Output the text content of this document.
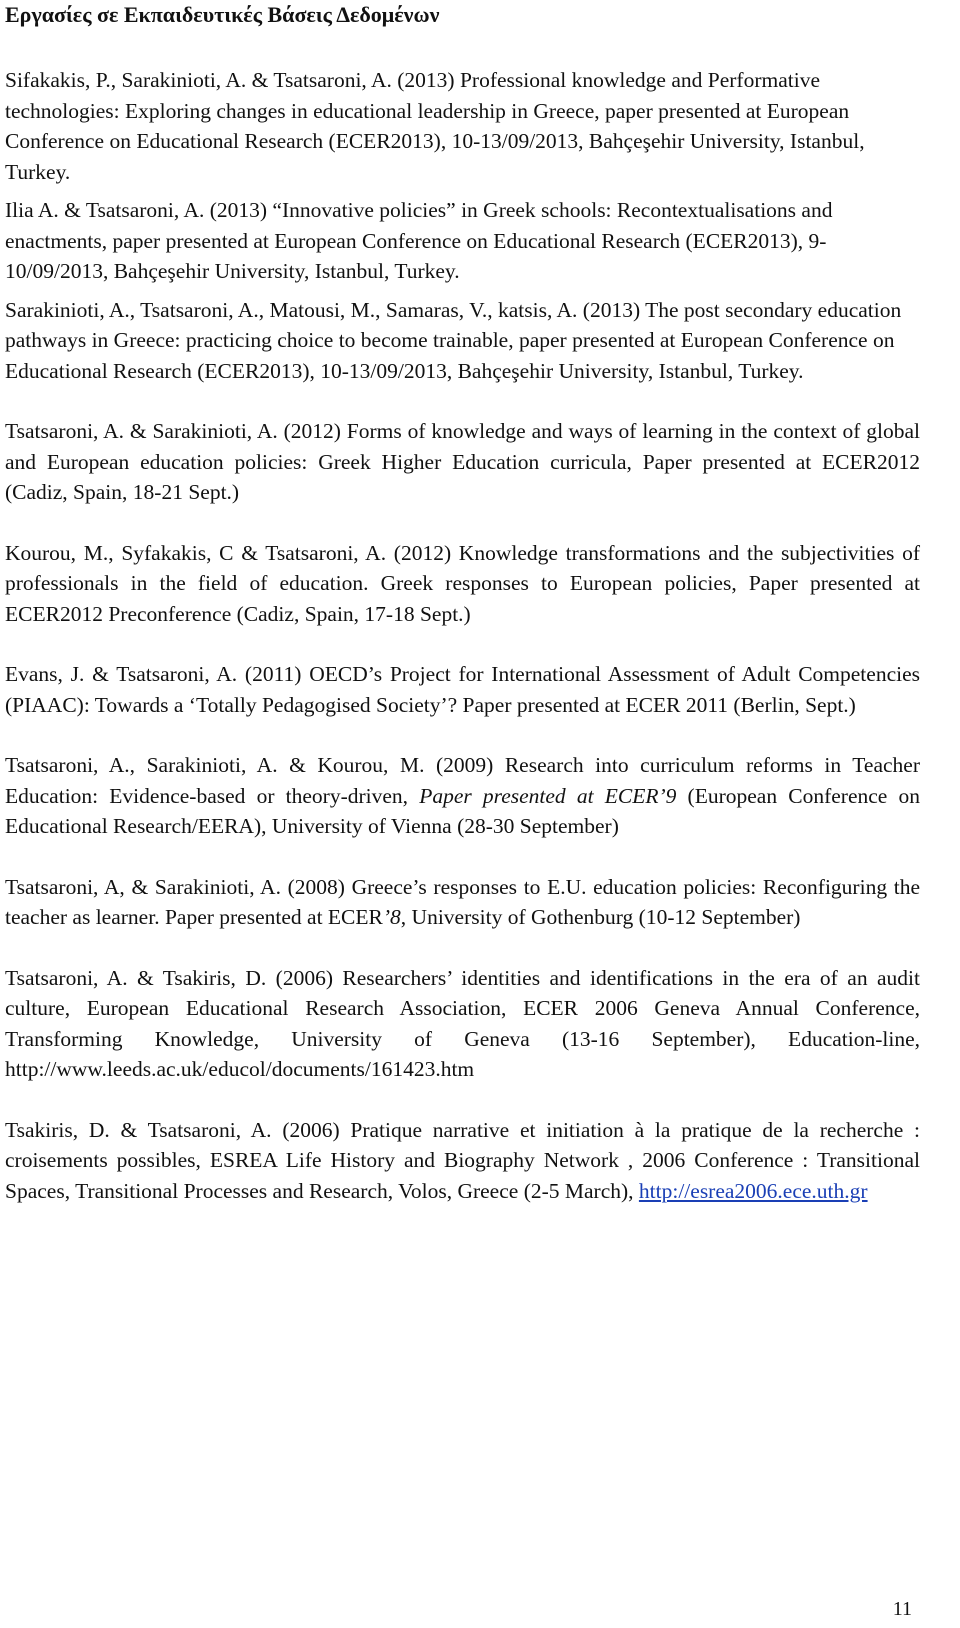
Εργασίες σε Εκπαιδευτικές Βάσεις Δεδομένων

Sifakakis, P., Sarakinioti, A. & Tsatsaroni, A. (2013) Professional knowledge and Performative technologies: Exploring changes in educational leadership in Greece, paper presented at European Conference on Educational Research (ECER2013), 10-13/09/2013, Bahçeşehir University, Istanbul, Turkey.

Ilia A. & Tsatsaroni, A. (2013) “Innovative policies” in Greek schools: Recontextualisations and enactments, paper presented at European Conference on Educational Research (ECER2013), 9-10/09/2013, Bahçeşehir University, Istanbul, Turkey.

Sarakinioti, A., Tsatsaroni, A., Matousi, M., Samaras, V., katsis, A. (2013) The post secondary education pathways in Greece: practicing choice to become trainable, paper presented at European Conference on Educational Research (ECER2013), 10-13/09/2013, Bahçeşehir University, Istanbul, Turkey.

Tsatsaroni, A. & Sarakinioti, A. (2012) Forms of knowledge and ways of learning in the context of global and European education policies: Greek Higher Education curricula, Paper presented at ECER2012 (Cadiz, Spain, 18-21 Sept.)

Kourou, M., Syfakakis, C & Tsatsaroni, A. (2012) Knowledge transformations and the subjectivities of professionals in the field of education. Greek responses to European policies, Paper presented at ECER2012 Preconference (Cadiz, Spain, 17-18 Sept.)

Evans, J. & Tsatsaroni, A. (2011) OECD’s Project for International Assessment of Adult Competencies (PIAAC): Towards a ‘Totally Pedagogised Society’? Paper presented at ECER 2011 (Berlin, Sept.)

Tsatsaroni, A., Sarakinioti, A. & Kourou, M. (2009) Research into curriculum reforms in Teacher Education: Evidence-based or theory-driven, Paper presented at ECER’9 (European Conference on Educational Research/EERA), University of Vienna (28-30 September)

Tsatsaroni, A, & Sarakinioti, A. (2008) Greece’s responses to E.U. education policies: Reconfiguring the teacher as learner. Paper presented at ECER’8, University of Gothenburg (10-12 September)

Tsatsaroni, A. & Tsakiris, D. (2006) Researchers’ identities and identifications in the era of an audit culture, European Educational Research Association, ECER 2006 Geneva Annual Conference, Transforming Knowledge, University of Geneva (13-16 September), Education-line, http://www.leeds.ac.uk/educol/documents/161423.htm

Tsakiris, D. & Tsatsaroni, A. (2006) Pratique narrative et initiation à la pratique de la recherche : croisements possibles, ESREA Life History and Biography Network , 2006 Conference : Transitional Spaces, Transitional Processes and Research, Volos, Greece (2-5 March), http://esrea2006.ece.uth.gr

11
